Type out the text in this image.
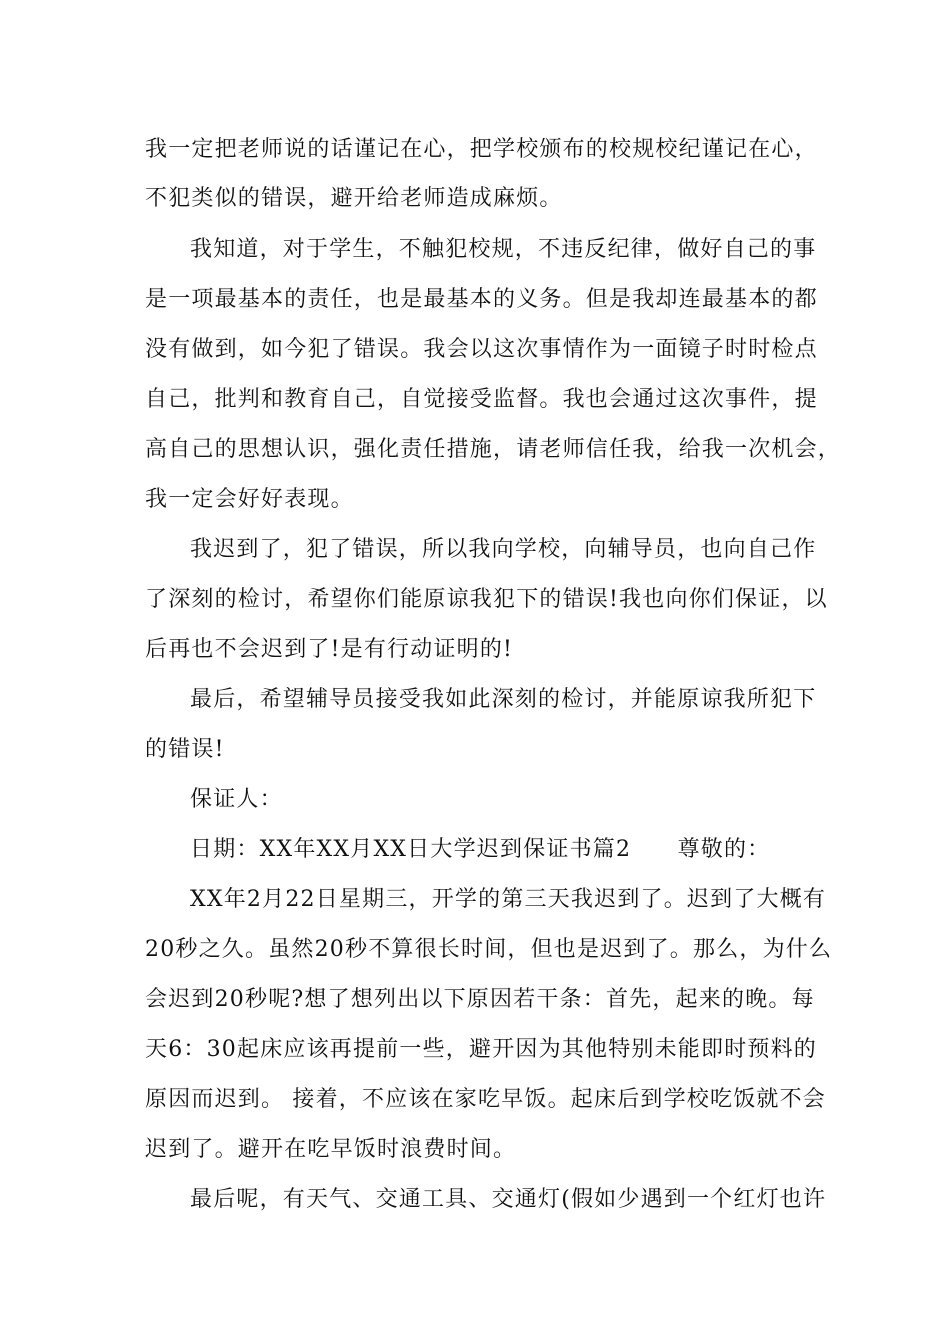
我一定把老师说的话谨记在心，把学校颁布的校规校纪谨记在心，
不犯类似的错误，避开给老师造成麻烦。
我知道，对于学生，不触犯校规，不违反纪律，做好自己的事
是一项最基本的责任，也是最基本的义务。但是我却连最基本的都
没有做到，如今犯了错误。我会以这次事情作为一面镜子时时检点
自己，批判和教育自己，自觉接受监督。我也会通过这次事件，提
高自己的思想认识，强化责任措施，请老师信任我，给我一次机会，
我一定会好好表现。
我迟到了，犯了错误，所以我向学校，向辅导员，也向自己作
了深刻的检讨，希望你们能原谅我犯下的错误!我也向你们保证，以
后再也不会迟到了!是有行动证明的!
最后，希望辅导员接受我如此深刻的检讨，并能原谅我所犯下
的错误!
保证人：
日期：XX年XX月XX日大学迟到保证书篇2　　尊敬的：
XX年2月22日星期三，开学的第三天我迟到了。迟到了大概有
20秒之久。虽然20秒不算很长时间，但也是迟到了。那么，为什么
会迟到20秒呢?想了想列出以下原因若干条：首先，起来的晚。每
天6：30起床应该再提前一些，避开因为其他特别未能即时预料的
原因而迟到。 接着，不应该在家吃早饭。起床后到学校吃饭就不会
迟到了。避开在吃早饭时浪费时间。
最后呢，有天气、交通工具、交通灯(假如少遇到一个红灯也许
